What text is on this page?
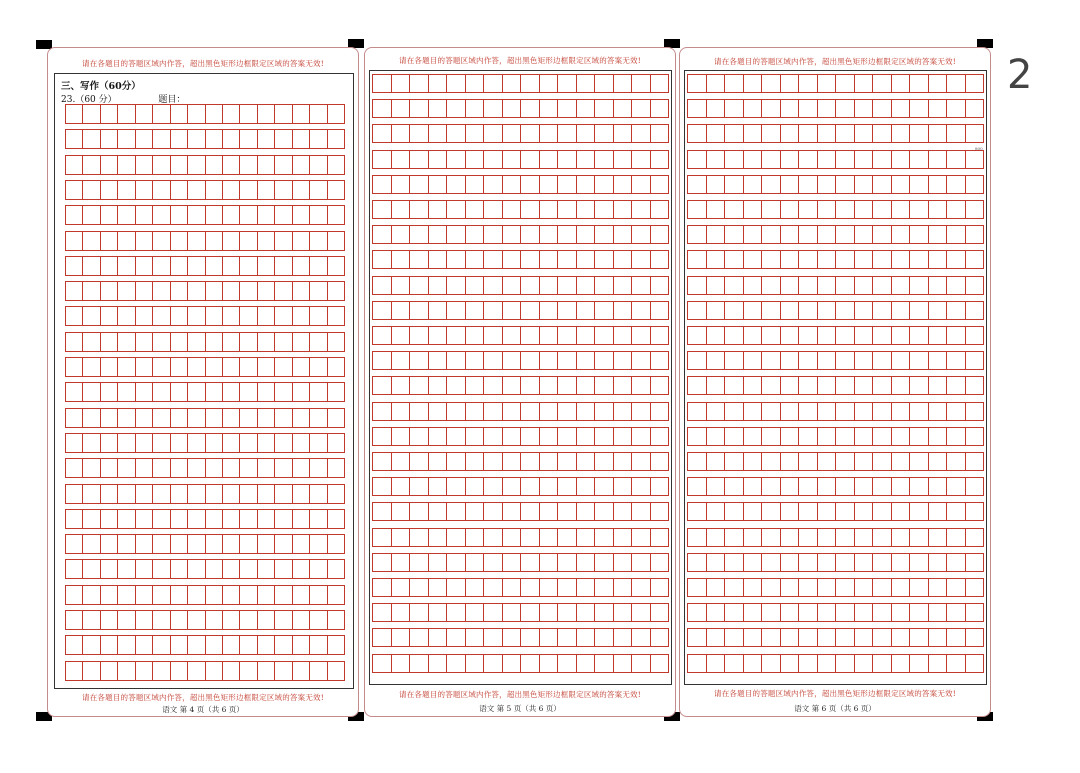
2
请在各题目的答题区域内作答，超出黑色矩形边框限定区域的答案无效!
三、写作（60分）
23.（60 分）	题目：
请在各题目的答题区域内作答，超出黑色矩形边框限定区域的答案无效!
语文 第 4 页（共 6 页）
请在各题目的答题区域内作答，超出黑色矩形边框限定区域的答案无效!
请在各题目的答题区域内作答，超出黑色矩形边框限定区域的答案无效!
语文 第 5 页（共 6 页）
请在各题目的答题区域内作答，超出黑色矩形边框限定区域的答案无效!
800
请在各题目的答题区域内作答，超出黑色矩形边框限定区域的答案无效!
语文 第 6 页（共 6 页）
